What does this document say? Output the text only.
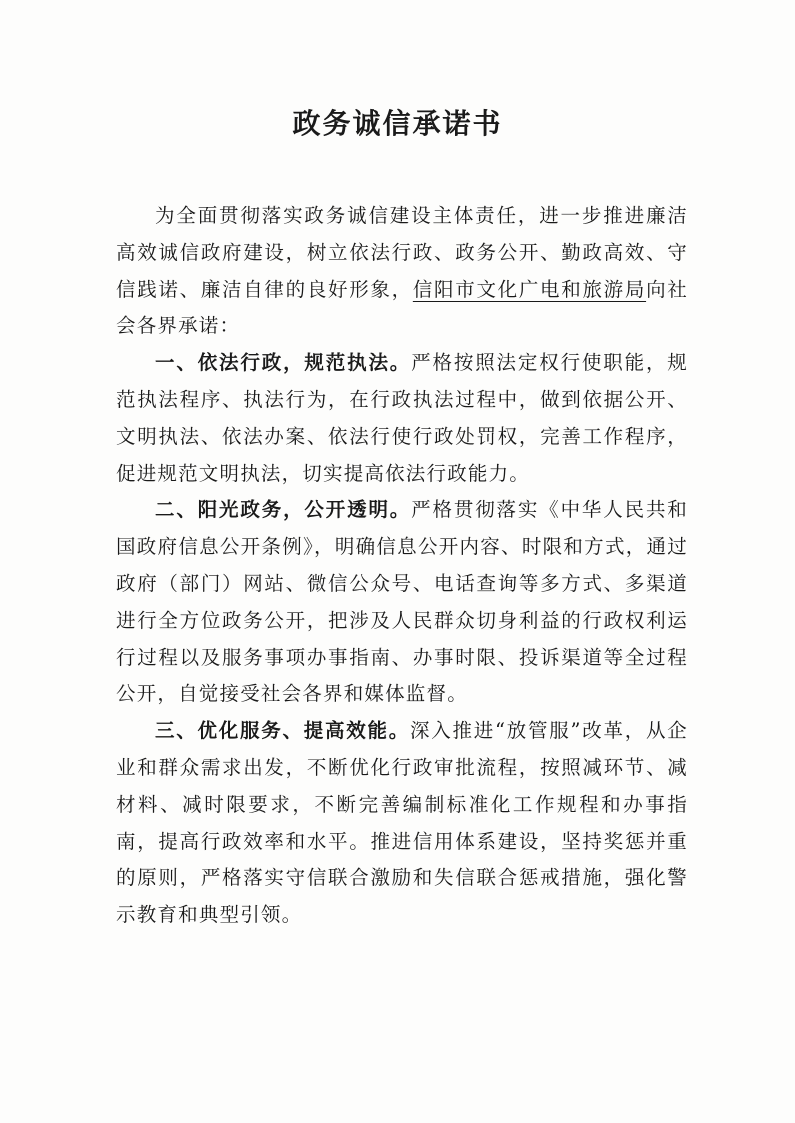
政务诚信承诺书

为全面贯彻落实政务诚信建设主体责任，进一步推进廉洁高效诚信政府建设，树立依法行政、政务公开、勤政高效、守信践诺、廉洁自律的良好形象，信阳市文化广电和旅游局向社会各界承诺：

一、依法行政，规范执法。严格按照法定权行使职能，规范执法程序、执法行为，在行政执法过程中，做到依据公开、文明执法、依法办案、依法行使行政处罚权，完善工作程序，促进规范文明执法，切实提高依法行政能力。

二、阳光政务，公开透明。严格贯彻落实《中华人民共和国政府信息公开条例》，明确信息公开内容、时限和方式，通过政府（部门）网站、微信公众号、电话查询等多方式、多渠道进行全方位政务公开，把涉及人民群众切身利益的行政权利运行过程以及服务事项办事指南、办事时限、投诉渠道等全过程公开，自觉接受社会各界和媒体监督。

三、优化服务、提高效能。深入推进“放管服”改革，从企业和群众需求出发，不断优化行政审批流程，按照减环节、减材料、减时限要求，不断完善编制标准化工作规程和办事指南，提高行政效率和水平。推进信用体系建设，坚持奖惩并重的原则，严格落实守信联合激励和失信联合惩戒措施，强化警示教育和典型引领。
